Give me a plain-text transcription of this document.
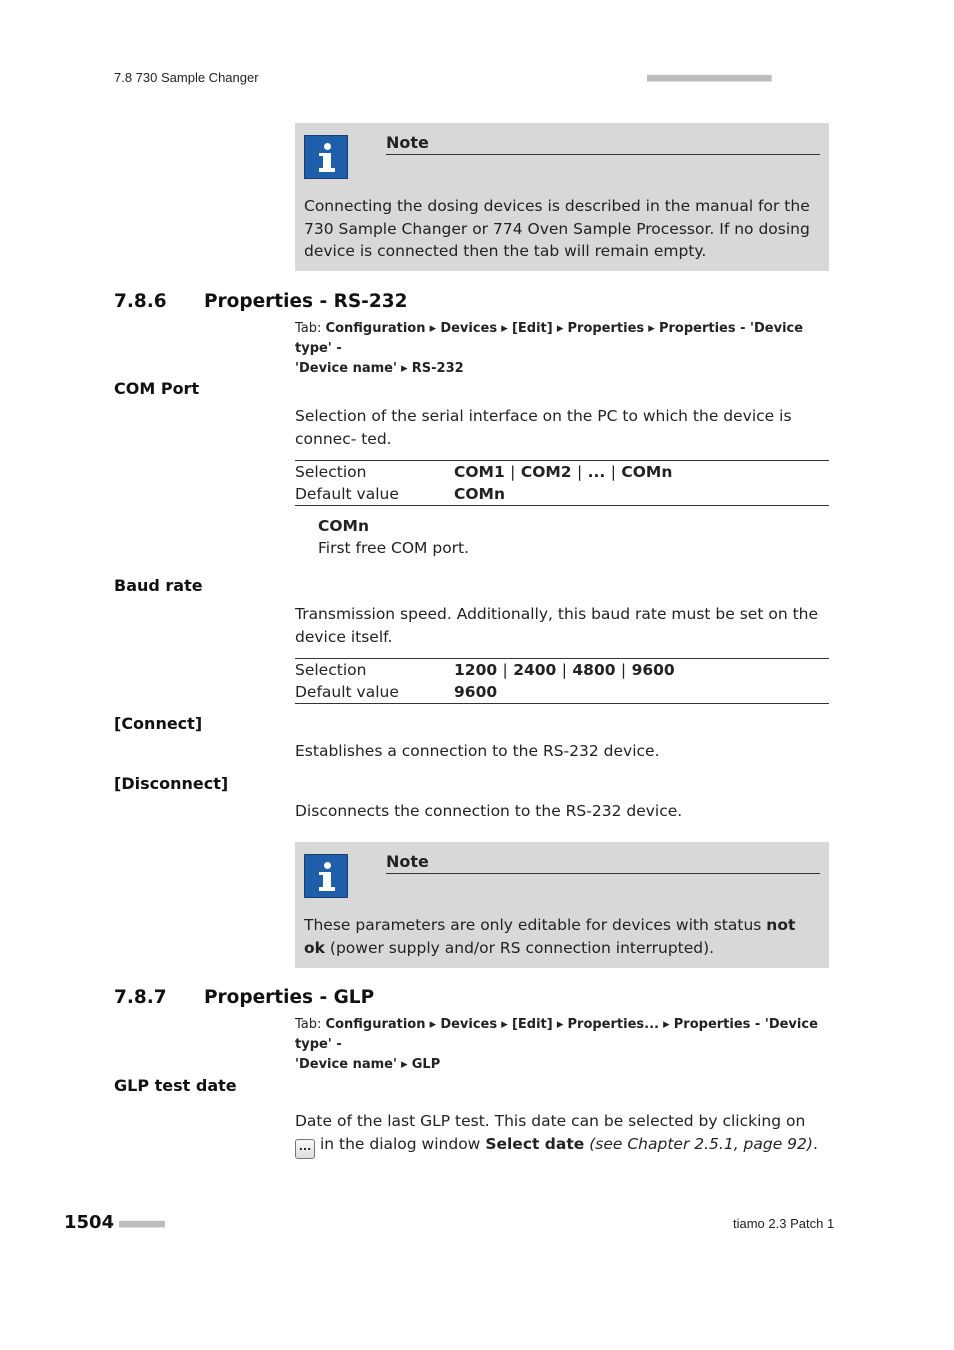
7.8 730 Sample Changer	■■■■■■■■■■■■■■■■■■■■■■
Note
Connecting the dosing devices is described in the manual for the 730 Sample Changer or 774 Oven Sample Processor. If no dosing device is connected then the tab will remain empty.
7.8.6 Properties - RS-232
Tab: Configuration ▸ Devices ▸ [Edit] ▸ Properties ▸ Properties - 'Device type' -
'Device name' ▸ RS-232
COM Port
Selection of the serial interface on the PC to which the device is connec- ted.
Selection	COM1 | COM2 | ... | COMn
Default value	COMn
COMn
First free COM port.
Baud rate
Transmission speed. Additionally, this baud rate must be set on the device itself.
Selection	1200 | 2400 | 4800 | 9600
Default value	9600
[Connect]
Establishes a connection to the RS-232 device.
[Disconnect]
Disconnects the connection to the RS-232 device.
Note
These parameters are only editable for devices with status not ok (power supply and/or RS connection interrupted).
7.8.7 Properties - GLP
Tab: Configuration ▸ Devices ▸ [Edit] ▸ Properties... ▸ Properties - 'Device type' -
'Device name' ▸ GLP
GLP test date
Date of the last GLP test. This date can be selected by clicking on ... in the dialog window Select date (see Chapter 2.5.1, page 92).
1504 ■■■■■■■■	tiamo 2.3 Patch 1
